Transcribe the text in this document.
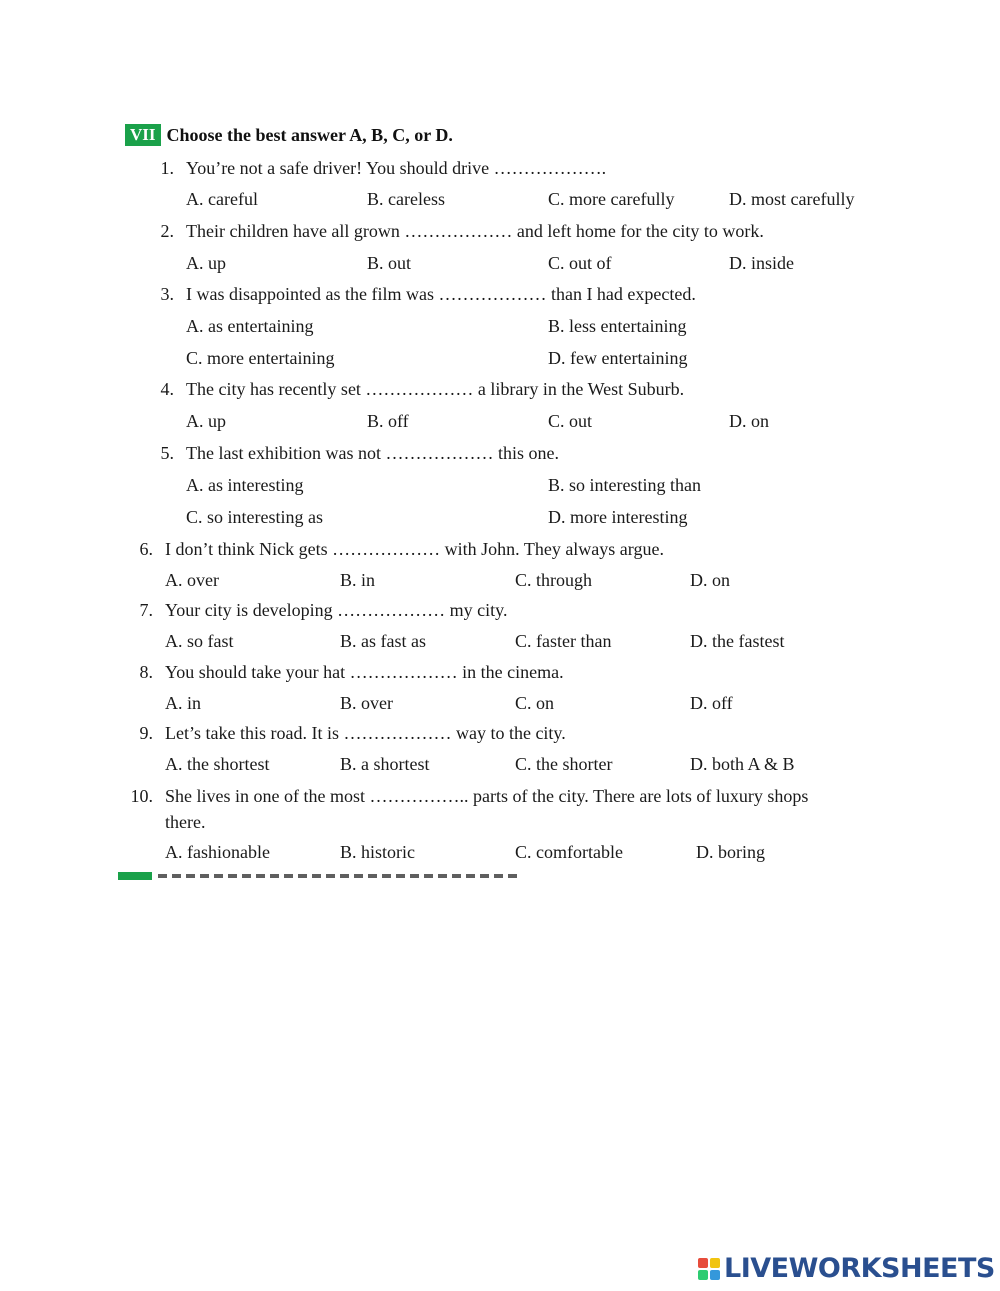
VII Choose the best answer A, B, C, or D.
1. You’re not a safe driver! You should drive ……………….
A. careful	B. careless	C. more carefully	D. most carefully
2. Their children have all grown ……………… and left home for the city to work.
A. up	B. out	C. out of	D. inside
3. I was disappointed as the film was ……………… than I had expected.
A. as entertaining	B. less entertaining
C. more entertaining	D. few entertaining
4. The city has recently set ……………… a library in the West Suburb.
A. up	B. off	C. out	D. on
5. The last exhibition was not ……………… this one.
A. as interesting	B. so interesting than
C. so interesting as	D. more interesting
6. I don’t think Nick gets ……………… with John. They always argue.
A. over	B. in	C. through	D. on
7. Your city is developing ……………… my city.
A. so fast	B. as fast as	C. faster than	D. the fastest
8. You should take your hat ……………… in the cinema.
A. in	B. over	C. on	D. off
9. Let’s take this road. It is ……………… way to the city.
A. the shortest	B. a shortest	C. the shorter	D. both A & B
10. She lives in one of the most …………….. parts of the city. There are lots of luxury shops
there.
A. fashionable	B. historic	C. comfortable	D. boring
LIVEWORKSHEETS
